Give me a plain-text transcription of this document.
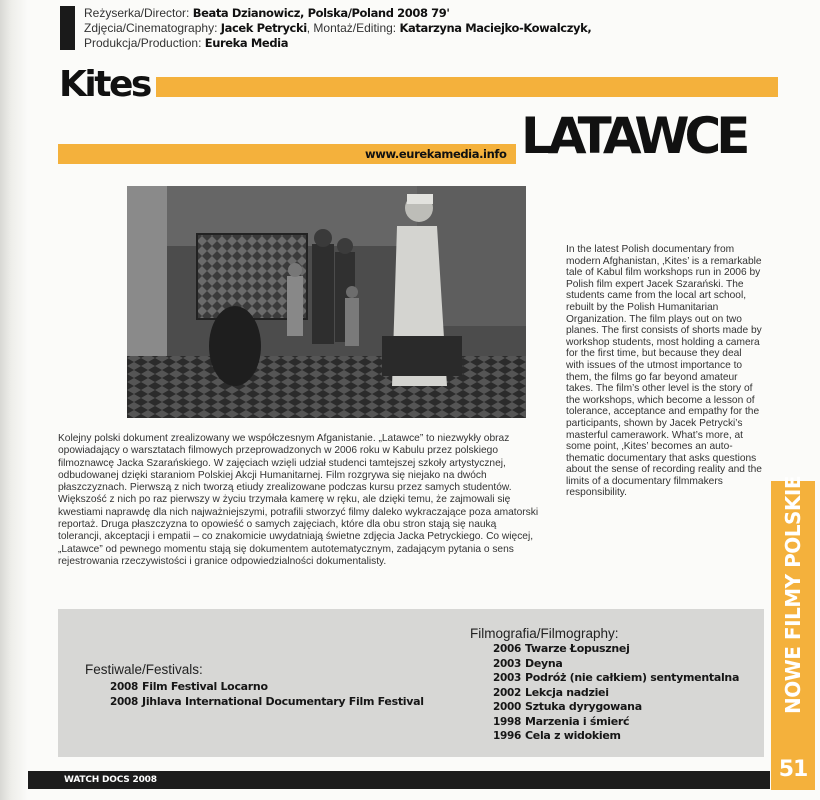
Reżyserka/Director: Beata Dzianowicz, Polska/Poland 2008 79'
Zdjęcia/Cinematography: Jacek Petrycki, Montaż/Editing: Katarzyna Maciejko-Kowalczyk,
Produkcja/Production: Eureka Media
Kites
www.eurekamedia.info LATAWCE

Kolejny polski dokument zrealizowany we współczesnym Afganistanie. „Latawce” to niezwykły obraz opowiadający o warsztatach filmowych przeprowadzonych w 2006 roku w Kabulu przez polskiego filmoznawcę Jacka Szarańskiego. W zajęciach wzięli udział studenci tamtejszej szkoły artystycznej, odbudowanej dzięki staraniom Polskiej Akcji Humanitarnej. Film rozgrywa się niejako na dwóch płaszczyznach. Pierwszą z nich tworzą etiudy zrealizowane podczas kursu przez samych studentów. Większość z nich po raz pierwszy w życiu trzymała kamerę w ręku, ale dzięki temu, że zajmowali się kwestiami naprawdę dla nich najważniejszymi, potrafili stworzyć filmy daleko wykraczające poza amatorski reportaż. Druga płaszczyzna to opowieść o samych zajęciach, które dla obu stron stają się nauką tolerancji, akceptacji i empatii – co znakomicie uwydatniają świetne zdjęcia Jacka Petryckiego. Co więcej, „Latawce” od pewnego momentu stają się dokumentem autotematycznym, zadającym pytania o sens rejestrowania rzeczywistości i granice odpowiedzialności dokumentalisty.

In the latest Polish documentary from modern Afghanistan, ‚Kites’ is a remarkable tale of Kabul film workshops run in 2006 by Polish film expert Jacek Szarański. The students came from the local art school, rebuilt by the Polish Humanitarian Organization. The film plays out on two planes. The first consists of shorts made by workshop students, most holding a camera for the first time, but because they deal with issues of the utmost importance to them, the films go far beyond amateur takes. The film’s other level is the story of the workshops, which become a lesson of tolerance, acceptance and empathy for the participants, shown by Jacek Petrycki’s masterful camerawork. What’s more, at some point, ‚Kites’ becomes an auto-thematic documentary that asks questions about the sense of recording reality and the limits of a documentary filmmakers responsibility.

Festiwale/Festivals:
2008 Film Festival Locarno
2008 Jihlava International Documentary Film Festival
Filmografia/Filmography:
2006 Twarze Łopusznej
2003 Deyna
2003 Podróż (nie całkiem) sentymentalna
2002 Lekcja nadziei
2000 Sztuka dyrygowana
1998 Marzenia i śmierć
1996 Cela z widokiem
NOWE FILMY POLSKIE
51
WATCH DOCS 2008
